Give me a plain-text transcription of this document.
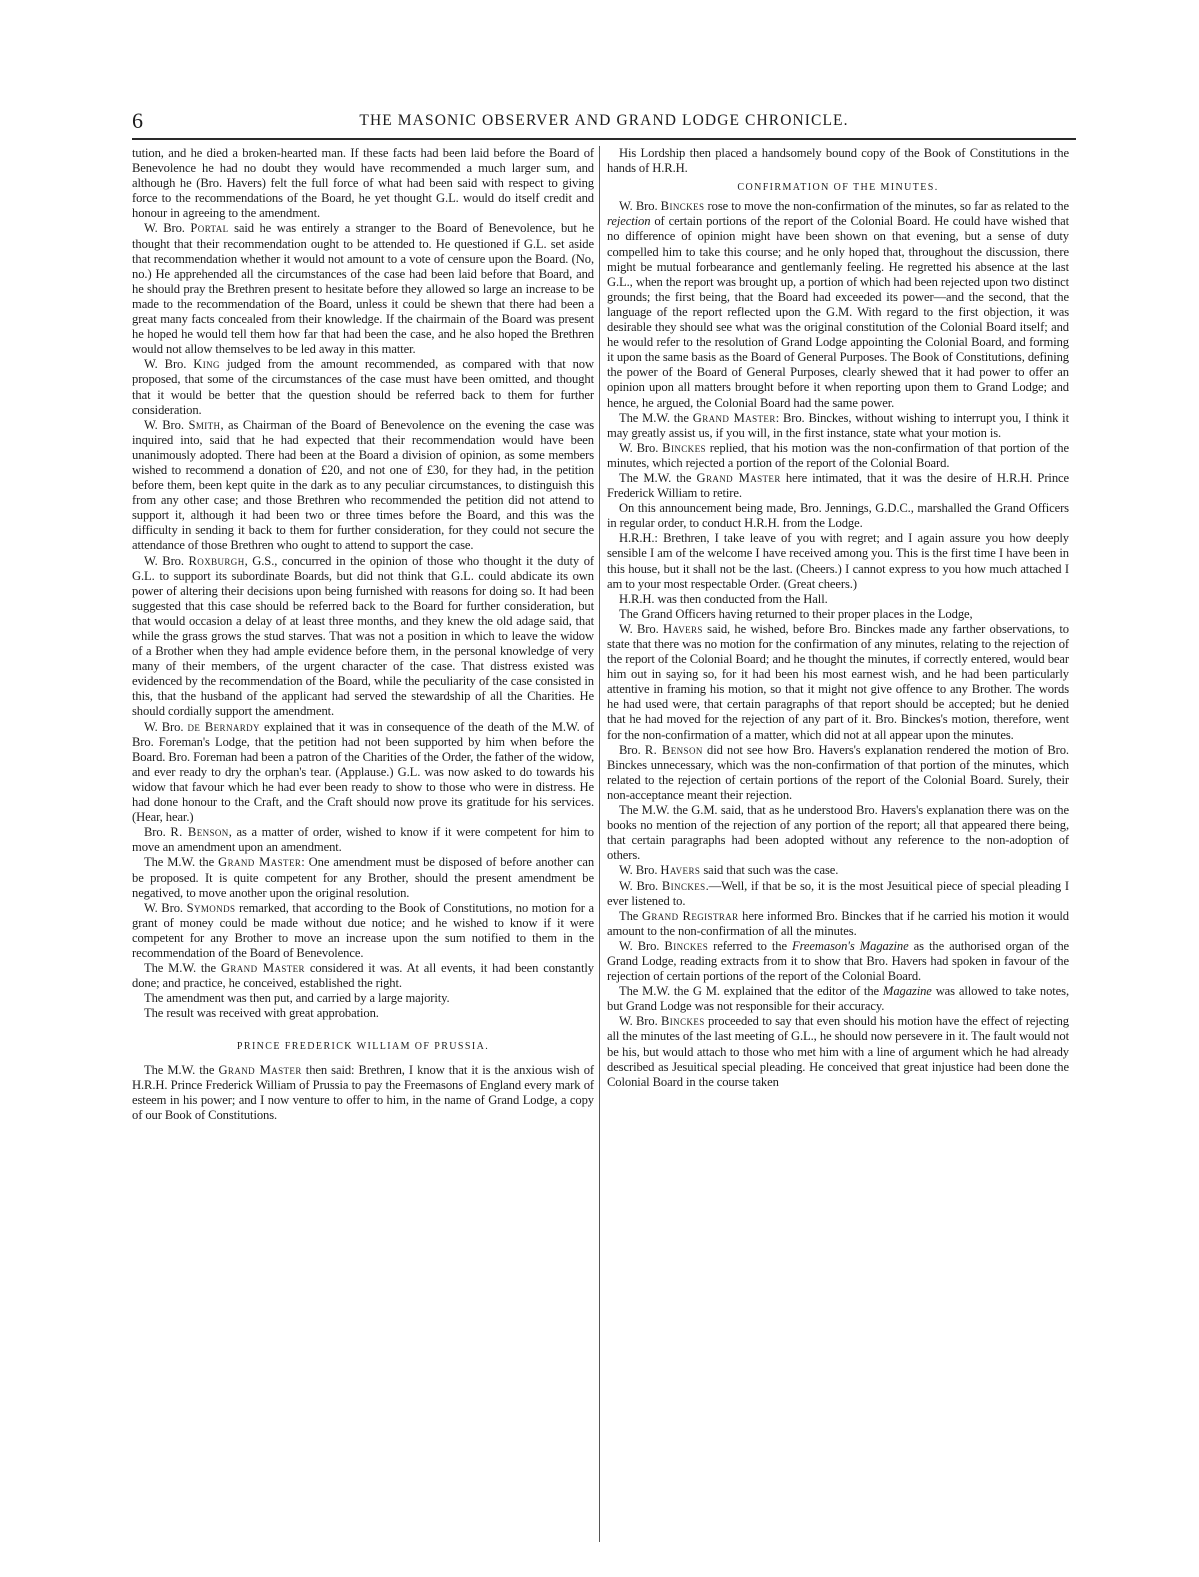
6	THE MASONIC OBSERVER AND GRAND LODGE CHRONICLE.

tution, and he died a broken-hearted man. If these facts had been laid before the Board of Benevolence he had no doubt they would have recommended a much larger sum, and although he (Bro. Havers) felt the full force of what had been said with respect to giving force to the recommendations of the Board, he yet thought G.L. would do itself credit and honour in agreeing to the amendment.

W. Bro. Portal said he was entirely a stranger to the Board of Benevolence, but he thought that their recommendation ought to be attended to. He questioned if G.L. set aside that recommendation whether it would not amount to a vote of censure upon the Board. (No, no.) He apprehended all the circumstances of the case had been laid before that Board, and he should pray the Brethren present to hesitate before they allowed so large an increase to be made to the recommendation of the Board, unless it could be shewn that there had been a great many facts concealed from their knowledge. If the chairmain of the Board was present he hoped he would tell them how far that had been the case, and he also hoped the Brethren would not allow themselves to be led away in this matter.

W. Bro. King judged from the amount recommended, as compared with that now proposed, that some of the circumstances of the case must have been omitted, and thought that it would be better that the question should be referred back to them for further consideration.

W. Bro. Smith, as Chairman of the Board of Benevolence on the evening the case was inquired into, said that he had expected that their recommendation would have been unanimously adopted. There had been at the Board a division of opinion, as some members wished to recommend a donation of £20, and not one of £30, for they had, in the petition before them, been kept quite in the dark as to any peculiar circumstances, to distinguish this from any other case; and those Brethren who recommended the petition did not attend to support it, although it had been two or three times before the Board, and this was the difficulty in sending it back to them for further consideration, for they could not secure the attendance of those Brethren who ought to attend to support the case.

W. Bro. Roxburgh, G.S., concurred in the opinion of those who thought it the duty of G.L. to support its subordinate Boards, but did not think that G.L. could abdicate its own power of altering their decisions upon being furnished with reasons for doing so. It had been suggested that this case should be referred back to the Board for further consideration, but that would occasion a delay of at least three months, and they knew the old adage said, that while the grass grows the stud starves. That was not a position in which to leave the widow of a Brother when they had ample evidence before them, in the personal knowledge of very many of their members, of the urgent character of the case. That distress existed was evidenced by the recommendation of the Board, while the peculiarity of the case consisted in this, that the husband of the applicant had served the stewardship of all the Charities. He should cordially support the amendment.

W. Bro. de Bernardy explained that it was in consequence of the death of the M.W. of Bro. Foreman's Lodge, that the petition had not been supported by him when before the Board. Bro. Foreman had been a patron of the Charities of the Order, the father of the widow, and ever ready to dry the orphan's tear. (Applause.) G.L. was now asked to do towards his widow that favour which he had ever been ready to show to those who were in distress. He had done honour to the Craft, and the Craft should now prove its gratitude for his services. (Hear, hear.)

Bro. R. Benson, as a matter of order, wished to know if it were competent for him to move an amendment upon an amendment.

The M.W. the Grand Master: One amendment must be disposed of before another can be proposed. It is quite competent for any Brother, should the present amendment be negatived, to move another upon the original resolution.

W. Bro. Symonds remarked, that according to the Book of Constitutions, no motion for a grant of money could be made without due notice; and he wished to know if it were competent for any Brother to move an increase upon the sum notified to them in the recommendation of the Board of Benevolence.

The M.W. the Grand Master considered it was. At all events, it had been constantly done; and practice, he conceived, established the right.

The amendment was then put, and carried by a large majority.

The result was received with great approbation.

PRINCE FREDERICK WILLIAM OF PRUSSIA.

The M.W. the Grand Master then said: Brethren, I know that it is the anxious wish of H.R.H. Prince Frederick William of Prussia to pay the Freemasons of England every mark of esteem in his power; and I now venture to offer to him, in the name of Grand Lodge, a copy of our Book of Constitutions.

His Lordship then placed a handsomely bound copy of the Book of Constitutions in the hands of H.R.H.

CONFIRMATION OF THE MINUTES.

W. Bro. Binckes rose to move the non-confirmation of the minutes, so far as related to the rejection of certain portions of the report of the Colonial Board. He could have wished that no difference of opinion might have been shown on that evening, but a sense of duty compelled him to take this course; and he only hoped that, throughout the discussion, there might be mutual forbearance and gentlemanly feeling. He regretted his absence at the last G.L., when the report was brought up, a portion of which had been rejected upon two distinct grounds; the first being, that the Board had exceeded its power—and the second, that the language of the report reflected upon the G.M. With regard to the first objection, it was desirable they should see what was the original constitution of the Colonial Board itself; and he would refer to the resolution of Grand Lodge appointing the Colonial Board, and forming it upon the same basis as the Board of General Purposes. The Book of Constitutions, defining the power of the Board of General Purposes, clearly shewed that it had power to offer an opinion upon all matters brought before it when reporting upon them to Grand Lodge; and hence, he argued, the Colonial Board had the same power.

The M.W. the Grand Master: Bro. Binckes, without wishing to interrupt you, I think it may greatly assist us, if you will, in the first instance, state what your motion is.

W. Bro. Binckes replied, that his motion was the non-confirmation of that portion of the minutes, which rejected a portion of the report of the Colonial Board.

The M.W. the Grand Master here intimated, that it was the desire of H.R.H. Prince Frederick William to retire.

On this announcement being made, Bro. Jennings, G.D.C., marshalled the Grand Officers in regular order, to conduct H.R.H. from the Lodge.

H.R.H.: Brethren, I take leave of you with regret; and I again assure you how deeply sensible I am of the welcome I have received among you. This is the first time I have been in this house, but it shall not be the last. (Cheers.) I cannot express to you how much attached I am to your most respectable Order. (Great cheers.)

H.R.H. was then conducted from the Hall.

The Grand Officers having returned to their proper places in the Lodge,

W. Bro. Havers said, he wished, before Bro. Binckes made any farther observations, to state that there was no motion for the confirmation of any minutes, relating to the rejection of the report of the Colonial Board; and he thought the minutes, if correctly entered, would bear him out in saying so, for it had been his most earnest wish, and he had been particularly attentive in framing his motion, so that it might not give offence to any Brother. The words he had used were, that certain paragraphs of that report should be accepted; but he denied that he had moved for the rejection of any part of it. Bro. Binckes's motion, therefore, went for the non-confirmation of a matter, which did not at all appear upon the minutes.

Bro. R. Benson did not see how Bro. Havers's explanation rendered the motion of Bro. Binckes unnecessary, which was the non-confirmation of that portion of the minutes, which related to the rejection of certain portions of the report of the Colonial Board. Surely, their non-acceptance meant their rejection.

The M.W. the G.M. said, that as he understood Bro. Havers's explanation there was on the books no mention of the rejection of any portion of the report; all that appeared there being, that certain paragraphs had been adopted without any reference to the non-adoption of others.

W. Bro. Havers said that such was the case.

W. Bro. Binckes.—Well, if that be so, it is the most Jesuitical piece of special pleading I ever listened to.

The Grand Registrar here informed Bro. Binckes that if he carried his motion it would amount to the non-confirmation of all the minutes.

W. Bro. Binckes referred to the Freemason's Magazine as the authorised organ of the Grand Lodge, reading extracts from it to show that Bro. Havers had spoken in favour of the rejection of certain portions of the report of the Colonial Board.

The M.W. the G M. explained that the editor of the Magazine was allowed to take notes, but Grand Lodge was not responsible for their accuracy.

W. Bro. Binckes proceeded to say that even should his motion have the effect of rejecting all the minutes of the last meeting of G.L., he should now persevere in it. The fault would not be his, but would attach to those who met him with a line of argument which he had already described as Jesuitical special pleading. He conceived that great injustice had been done the Colonial Board in the course taken
